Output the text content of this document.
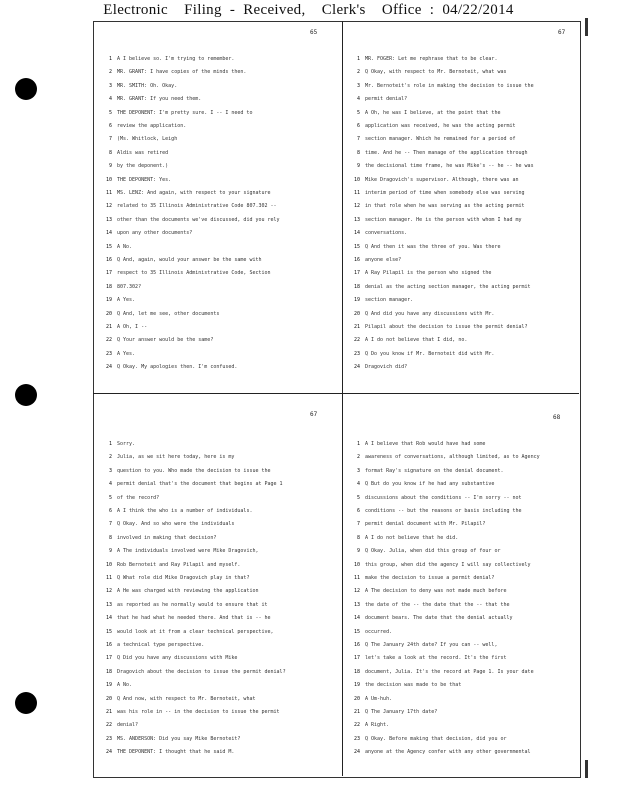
Electronic    Filing  -  Received,    Clerk's    Office  :  04/22/2014
65
1 A I believe so. I'm trying to remember.
2 MR. GRANT: I have copies of the minds then.
3 MR. SMITH: Oh. Okay.
4 MR. GRANT: If you need them.
5 THE DEPONENT: I'm pretty sure. I -- I need to
6 review the application.
7 (Ms. Whitlock, Leigh
8 Aldis was retired
9 by the deponent.)
10 THE DEPONENT: Yes.
11 MS. LENZ: And again, with respect to your signature
12 related to 35 Illinois Administrative Code 807.302 --
13 other than the documents we've discussed, did you rely
14 upon any other documents?
15 A No.
16 Q And, again, would your answer be the same with
17 respect to 35 Illinois Administrative Code, Section
18 807.302?
19 A Yes.
20 Q And, let me see, other documents
21 A Oh, I --
22 Q Your answer would be the same?
23 A Yes.
24 Q Okay. My apologies then. I'm confused.
67
1 MR. FOGER: Let me rephrase that to be clear.
2 Q Okay, with respect to Mr. Bernoteit, what was
3 Mr. Bernoteit's role in making the decision to issue the
4 permit denial?
5 A Oh, he was I believe, at the point that the
6 application was received, he was the acting permit
7 section manager. Which he remained for a period of
8 time. And he -- Then manage of the application through
9 the decisional time frame, he was Mike's -- he -- he was
10 Mike Dragovich's supervisor. Although, there was an
11 interim period of time when somebody else was serving
12 in that role when he was serving as the acting permit
13 section manager. He is the person with whom I had my
14 conversations.
15 Q And then it was the three of you. Was there
16 anyone else?
17 A Ray Pilapil is the person who signed the
18 denial as the acting section manager, the acting permit
19 section manager.
20 Q And did you have any discussions with Mr.
21 Pilapil about the decision to issue the permit denial?
22 A I do not believe that I did, no.
23 Q Do you know if Mr. Bernoteit did with Mr.
24 Dragovich did?
67
1 Sorry.
2 Julia, as we sit here today, here is my
3 question to you. Who made the decision to issue the
4 permit denial that's the document that begins at Page 1
5 of the record?
6 A I think the who is a number of individuals.
7 Q Okay. And so who were the individuals
8 involved in making that decision?
9 A The individuals involved were Mike Dragovich,
10 Rob Bernoteit and Ray Pilapil and myself.
11 Q What role did Mike Dragovich play in that?
12 A He was charged with reviewing the application
13 as reported as he normally would to ensure that it
14 that he had what he needed there. And that is -- he
15 would look at it from a clear technical perspective,
16 a technical type perspective.
17 Q Did you have any discussions with Mike
18 Dragovich about the decision to issue the permit denial?
19 A No.
20 Q And now, with respect to Mr. Bernoteit, what
21 was his role in -- in the decision to issue the permit
22 denial?
23 MS. ANDERSON: Did you say Mike Bernoteit?
24 THE DEPONENT: I thought that he said M.
68
1 A I believe that Rob would have had some
2 awareness of conversations, although limited, as to Agency
3 format Ray's signature on the denial document.
4 Q But do you know if he had any substantive
5 discussions about the conditions -- I'm sorry -- not
6 conditions -- but the reasons or basis including the
7 permit denial document with Mr. Pilapil?
8 A I do not believe that he did.
9 Q Okay. Julia, when did this group of four or
10 this group, when did the agency I will say collectively
11 make the decision to issue a permit denial?
12 A The decision to deny was not made much before
13 the date of the -- the date that the -- that the
14 document bears. The date that the denial actually
15 occurred.
16 Q The January 24th date? If you can -- well,
17 let's take a look at the record. It's the first
18 document, Julia. It's the record at Page 1. Is your date
19 the decision was made to be that
20 A Um-huh.
21 Q The January 17th date?
22 A Right.
23 Q Okay. Before making that decision, did you or
24 anyone at the Agency confer with any other governmental
